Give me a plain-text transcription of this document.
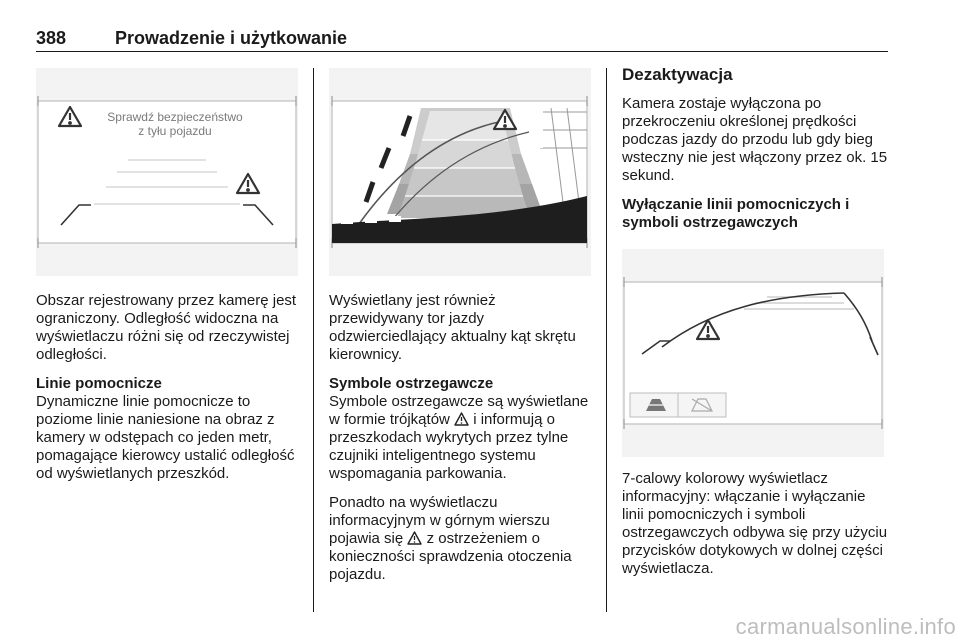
388	Prowadzenie i użytkowanie
Sprawdź bezpieczeństwo
z tyłu pojazdu

Obszar rejestrowany przez kamerę jest ograniczony. Odległość widoczna na wyświetlaczu różni się od rzeczywistej odległości.

Linie pomocnicze

Dynamiczne linie pomocnicze to poziome linie naniesione na obraz z kamery w odstępach co jeden metr, pomagające kierowcy ustalić odległość od wyświetlanych przeszkód.

Wyświetlany jest również przewidywany tor jazdy odzwierciedlający aktualny kąt skrętu kierownicy.

Symbole ostrzegawcze

Symbole ostrzegawcze są wyświetlane w formie trójkątów i informują o przeszkodach wykrytych przez tylne czujniki inteligentnego systemu wspomagania parkowania.

Ponadto na wyświetlaczu informacyjnym w górnym wierszu pojawia się z ostrzeżeniem o konieczności sprawdzenia otoczenia pojazdu.

Dezaktywacja

Kamera zostaje wyłączona po przekroczeniu określonej prędkości podczas jazdy do przodu lub gdy bieg wsteczny nie jest włączony przez ok. 15 sekund.

Wyłączanie linii pomocniczych i symboli ostrzegawczych

7-calowy kolorowy wyświetlacz informacyjny: włączanie i wyłączanie linii pomocniczych i symboli ostrzegawczych odbywa się przy użyciu przycisków dotykowych w dolnej części wyświetlacza.

carmanualsonline.info
